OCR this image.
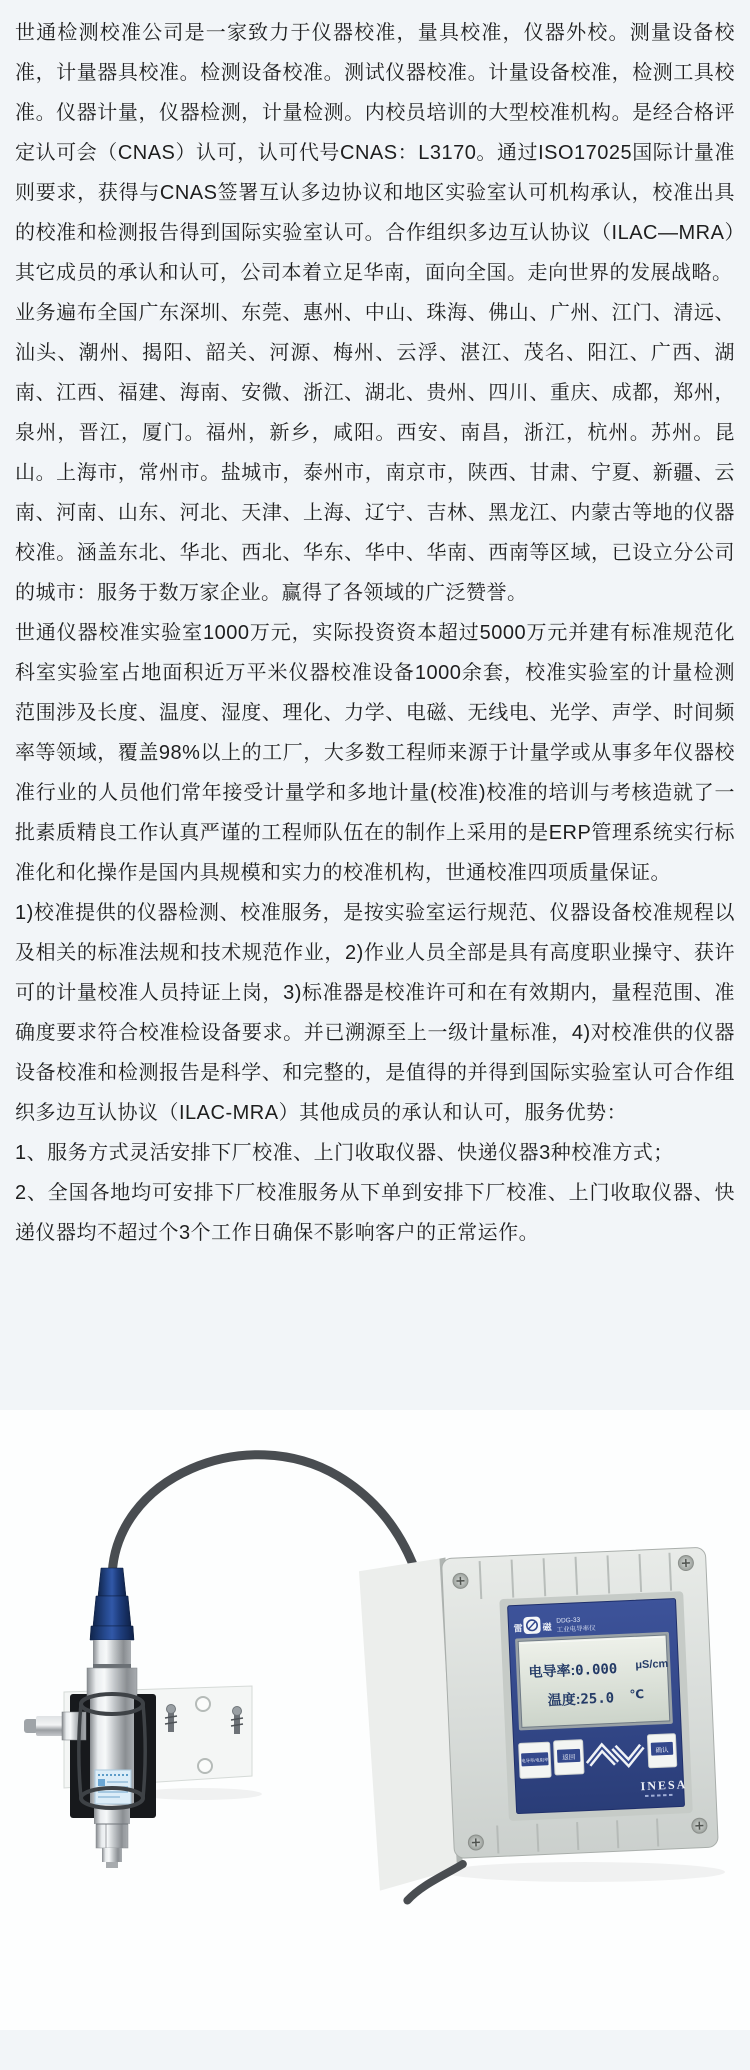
世通检测校准公司是一家致力于仪器校准，量具校准，仪器外校。测量设备校准，计量器具校准。检测设备校准。测试仪器校准。计量设备校准，检测工具校准。仪器计量，仪器检测，计量检测。内校员培训的大型校准机构。是经合格评定认可会（CNAS）认可，认可代号CNAS：L3170。通过ISO17025国际计量准则要求，获得与CNAS签署互认多边协议和地区实验室认可机构承认，校准出具的校准和检测报告得到国际实验室认可。合作组织多边互认协议（ILAC—MRA）其它成员的承认和认可，公司本着立足华南，面向全国。走向世界的发展战略。

业务遍布全国广东深圳、东莞、惠州、中山、珠海、佛山、广州、江门、清远、汕头、潮州、揭阳、韶关、河源、梅州、云浮、湛江、茂名、阳江、广西、湖南、江西、福建、海南、安微、浙江、湖北、贵州、四川、重庆、成都，郑州，泉州，晋江，厦门。福州，新乡，咸阳。西安、南昌，浙江，杭州。苏州。昆山。上海市，常州市。盐城市，泰州市，南京市，陕西、甘肃、宁夏、新疆、云南、河南、山东、河北、天津、上海、辽宁、吉林、黑龙江、内蒙古等地的仪器校准。涵盖东北、华北、西北、华东、华中、华南、西南等区域，已设立分公司的城市：服务于数万家企业。赢得了各领域的广泛赞誉。

世通仪器校准实验室1000万元，实际投资资本超过5000万元并建有标准规范化科室实验室占地面积近万平米仪器校准设备1000余套，校准实验室的计量检测范围涉及长度、温度、湿度、理化、力学、电磁、无线电、光学、声学、时间频率等领域，覆盖98%以上的工厂，大多数工程师来源于计量学或从事多年仪器校准行业的人员他们常年接受计量学和多地计量(校准)校准的培训与考核造就了一批素质精良工作认真严谨的工程师队伍在的制作上采用的是ERP管理系统实行标准化和化操作是国内具规模和实力的校准机构，世通校准四项质量保证。

1)校准提供的仪器检测、校准服务，是按实验室运行规范、仪器设备校准规程以及相关的标准法规和技术规范作业，2)作业人员全部是具有高度职业操守、获许可的计量校准人员持证上岗，3)标准器是校准许可和在有效期内，量程范围、准确度要求符合校准检设备要求。并已溯源至上一级计量标准，4)对校准供的仪器设备校准和检测报告是科学、和完整的，是值得的并得到国际实验室认可合作组织多边互认协议（ILAC-MRA）其他成员的承认和认可，服务优势：

1、服务方式灵活安排下厂校准、上门收取仪器、快递仪器3种校准方式；

2、全国各地均可安排下厂校准服务从下单到安排下厂校准、上门收取仪器、快递仪器均不超过个3个工作日确保不影响客户的正常运作。

雷 磁
DDG-33
工业电导率仪
电导率:0.000 μS/cm
温度:25.0 ℃
电导率/电阻率 返回
确认
INESA
